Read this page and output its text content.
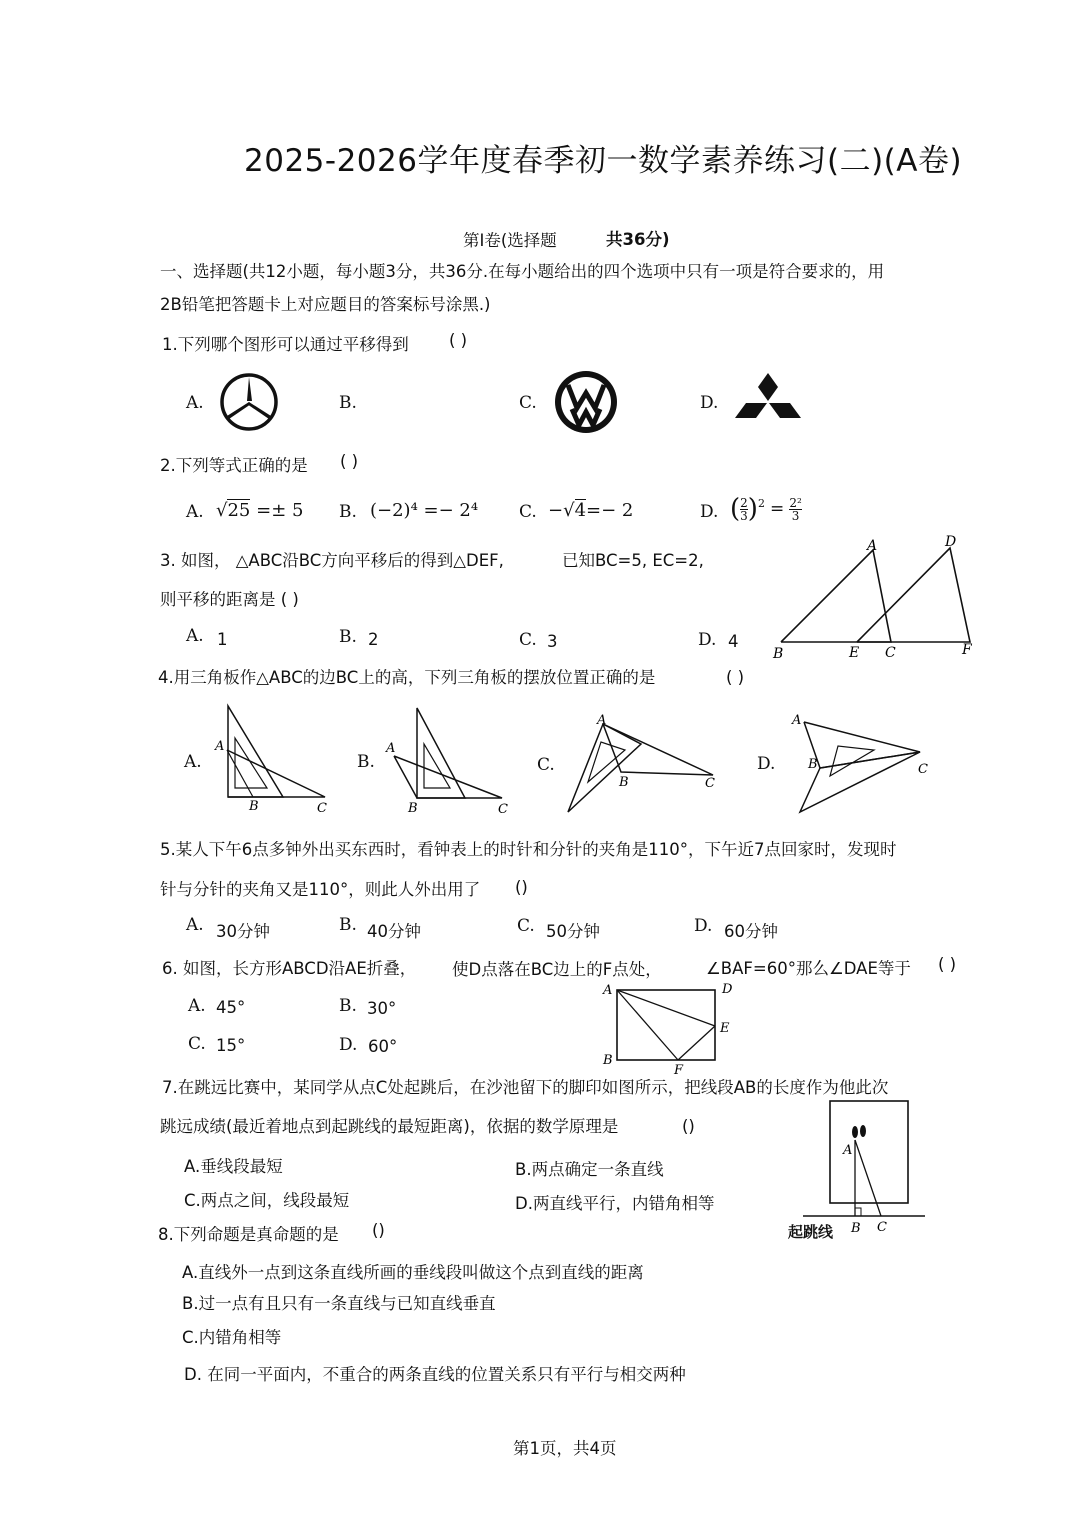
2025-2026学年度春季初一数学素养练习(二)(A卷)
第Ⅰ卷(选择题	共36分)
一、选择题(共12小题，每小题3分，共36分.在每小题给出的四个选项中只有一项是符合要求的，用
2B铅笔把答题卡上对应题目的答案标号涂黑.)
1.下列哪个图形可以通过平移得到 ( )
A.	B.	C.	D.
2.下列等式正确的是 ( )
A. √25 =± 5 B. (−2)⁴ =− 2⁴ C. −√4=− 2	D. ( $\frac{2}{3} )^2 = \frac{\text{2²}}{3}$
3. 如图， △ABC沿BC方向平移后的得到△DEF,	已知BC=5, EC=2,
则平移的距离是 ( )
A. 1	B. 2	C. 3	D. 4
A
B	C
D
E	F
4.用三角板作△ABC的边BC上的高，下列三角板的摆放位置正确的是	( )
A.	B.	C.	D.
A
B	C
A
B	C
A
B	C
A
B	C
5.某人下午6点多钟外出买东西时，看钟表上的时针和分针的夹角是110°，下午近7点回家时，发现时
针与分针的夹角又是110°，则此人外出用了 ()
A. 30分钟	B. 40分钟	C. 50分钟	D. 60分钟
6. 如图，长方形ABCD沿AE折叠， 使D点落在BC边上的F点处，	∠BAF=60°那么∠DAE等于 ( )
A. 45°	B. 30°
C. 15°	D. 60°
A
B
D
E
F
7.在跳远比赛中，某同学从点C处起跳后，在沙池留下的脚印如图所示，把线段AB的长度作为他此次
跳远成绩(最近着地点到起跳线的最短距离)，依据的数学原理是	()
A.垂线段最短	B.两点确定一条直线
C.两点之间，线段最短	D.两直线平行，内错角相等
A
B C
起跳线
8.下列命题是真命题的是 ()
A.直线外一点到这条直线所画的垂线段叫做这个点到直线的距离
B.过一点有且只有一条直线与已知直线垂直
C.内错角相等
D. 在同一平面内，不重合的两条直线的位置关系只有平行与相交两种
第1页，共4页
